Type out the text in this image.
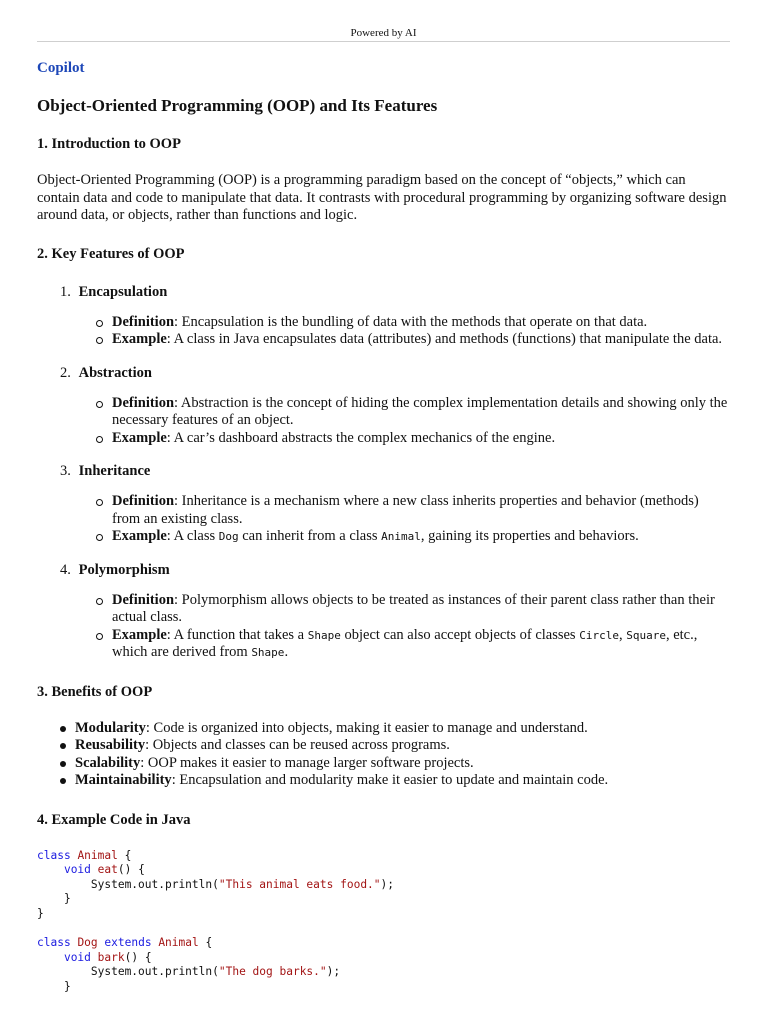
Powered by AI
Copilot
Object-Oriented Programming (OOP) and Its Features
1. Introduction to OOP
Object-Oriented Programming (OOP) is a programming paradigm based on the concept of “objects,” which can contain data and code to manipulate that data. It contrasts with procedural programming by organizing software design around data, or objects, rather than functions and logic.
2. Key Features of OOP
1. Encapsulation
Definition: Encapsulation is the bundling of data with the methods that operate on that data.
Example: A class in Java encapsulates data (attributes) and methods (functions) that manipulate the data.
2. Abstraction
Definition: Abstraction is the concept of hiding the complex implementation details and showing only the necessary features of an object.
Example: A car’s dashboard abstracts the complex mechanics of the engine.
3. Inheritance
Definition: Inheritance is a mechanism where a new class inherits properties and behavior (methods) from an existing class.
Example: A class Dog can inherit from a class Animal, gaining its properties and behaviors.
4. Polymorphism
Definition: Polymorphism allows objects to be treated as instances of their parent class rather than their actual class.
Example: A function that takes a Shape object can also accept objects of classes Circle, Square, etc., which are derived from Shape.
3. Benefits of OOP
Modularity: Code is organized into objects, making it easier to manage and understand.
Reusability: Objects and classes can be reused across programs.
Scalability: OOP makes it easier to manage larger software projects.
Maintainability: Encapsulation and modularity make it easier to update and maintain code.
4. Example Code in Java
class Animal {
void eat() {
System.out.println("This animal eats food.");
}
}

class Dog extends Animal {
void bark() {
System.out.println("The dog barks.");
}
